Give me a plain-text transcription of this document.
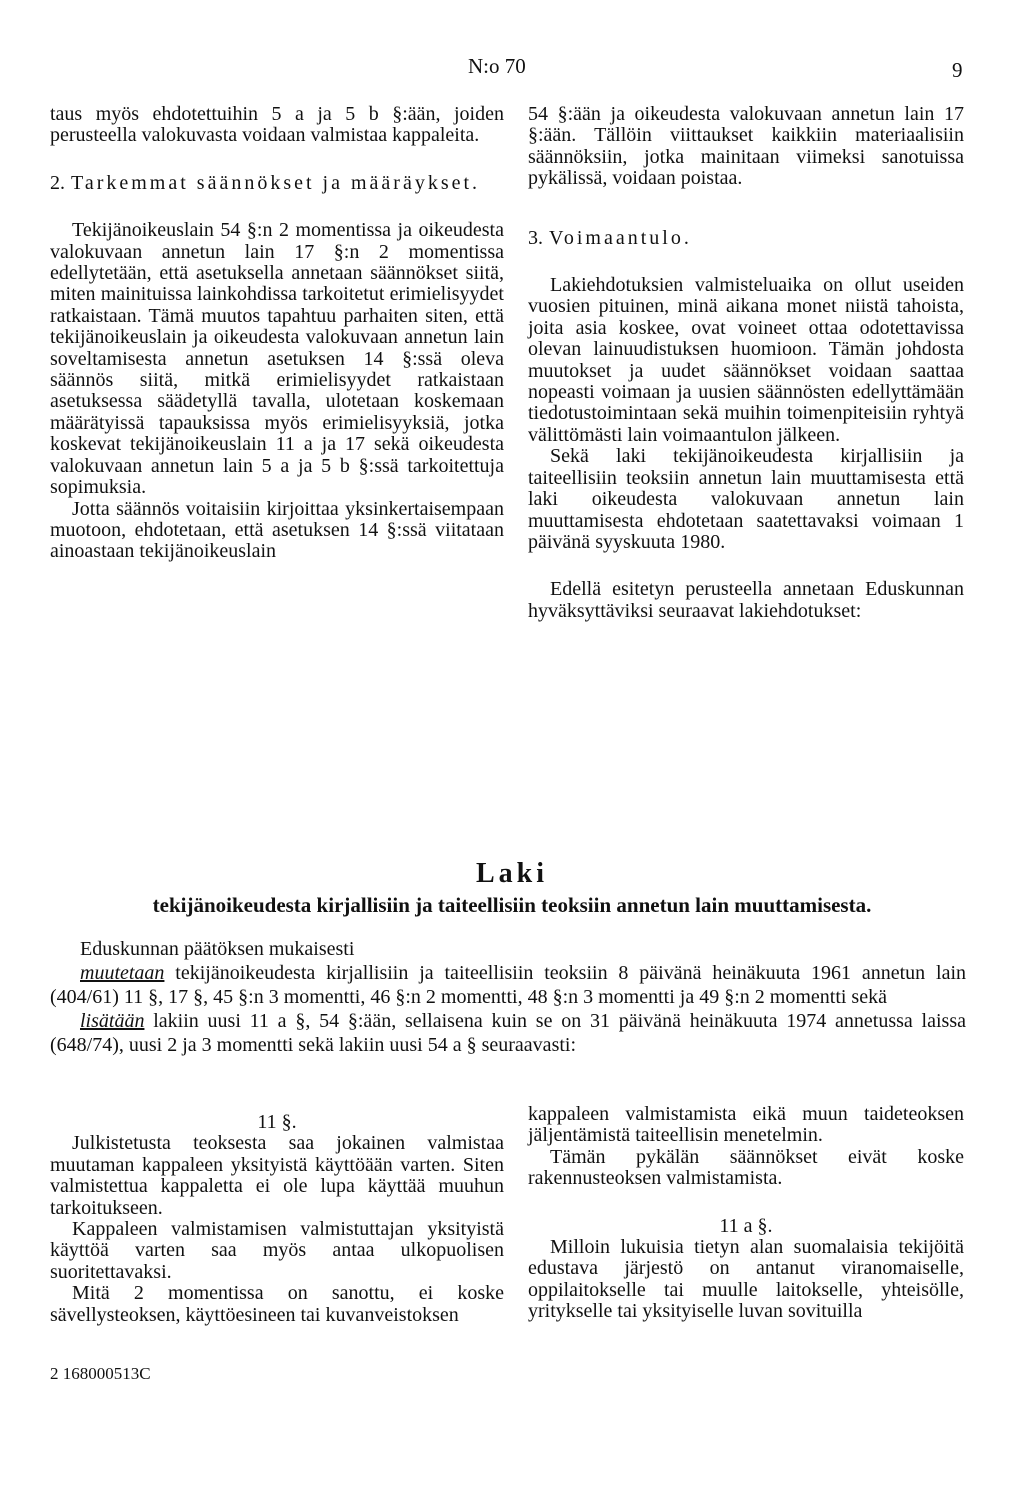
N:o 70	9

taus myös ehdotettuihin 5 a ja 5 b §:ään, joiden perusteella valokuvasta voidaan valmistaa kappaleita.

2. Tarkemmat säännökset ja määräykset.

Tekijänoikeuslain 54 §:n 2 momentissa ja oikeudesta valokuvaan annetun lain 17 §:n 2 momentissa edellytetään, että asetuksella annetaan säännökset siitä, miten mainituissa lainkohdissa tarkoitetut erimielisyydet ratkaistaan. Tämä muutos tapahtuu parhaiten siten, että tekijänoikeuslain ja oikeudesta valokuvaan annetun lain soveltamisesta annetun asetuksen 14 §:ssä oleva säännös siitä, mitkä erimielisyydet ratkaistaan asetuksessa säädetyllä tavalla, ulotetaan koskemaan määrätyissä tapauksissa myös erimielisyyksiä, jotka koskevat tekijänoikeuslain 11 a ja 17 sekä oikeudesta valokuvaan annetun lain 5 a ja 5 b §:ssä tarkoitettuja sopimuksia.

Jotta säännös voitaisiin kirjoittaa yksinkertaisempaan muotoon, ehdotetaan, että asetuksen 14 §:ssä viitataan ainoastaan tekijänoikeuslain

54 §:ään ja oikeudesta valokuvaan annetun lain 17 §:ään. Tällöin viittaukset kaikkiin materiaalisiin säännöksiin, jotka mainitaan viimeksi sanotuissa pykälissä, voidaan poistaa.

3. Voimaantulo.

Lakiehdotuksien valmisteluaika on ollut useiden vuosien pituinen, minä aikana monet niistä tahoista, joita asia koskee, ovat voineet ottaa odotettavissa olevan lainuudistuksen huomioon. Tämän johdosta muutokset ja uudet säännökset voidaan saattaa nopeasti voimaan ja uusien säännösten edellyttämään tiedotustoimintaan sekä muihin toimenpiteisiin ryhtyä välittömästi lain voimaantulon jälkeen.

Sekä laki tekijänoikeudesta kirjallisiin ja taiteellisiin teoksiin annetun lain muuttamisesta että laki oikeudesta valokuvaan annetun lain muuttamisesta ehdotetaan saatettavaksi voimaan 1 päivänä syyskuuta 1980.

Edellä esitetyn perusteella annetaan Eduskunnan hyväksyttäviksi seuraavat lakiehdotukset:

Laki
tekijänoikeudesta kirjallisiin ja taiteellisiin teoksiin annetun lain muuttamisesta.

Eduskunnan päätöksen mukaisesti

muutetaan tekijänoikeudesta kirjallisiin ja taiteellisiin teoksiin 8 päivänä heinäkuuta 1961 annetun lain (404/61) 11 §, 17 §, 45 §:n 3 momentti, 46 §:n 2 momentti, 48 §:n 3 momentti ja 49 §:n 2 momentti sekä

lisätään lakiin uusi 11 a §, 54 §:ään, sellaisena kuin se on 31 päivänä heinäkuuta 1974 annetussa laissa (648/74), uusi 2 ja 3 momentti sekä lakiin uusi 54 a § seuraavasti:

11 §.

Julkistetusta teoksesta saa jokainen valmistaa muutaman kappaleen yksityistä käyttöään varten. Siten valmistettua kappaletta ei ole lupa käyttää muuhun tarkoitukseen.

Kappaleen valmistamisen valmistuttajan yksityistä käyttöä varten saa myös antaa ulkopuolisen suoritettavaksi.

Mitä 2 momentissa on sanottu, ei koske sävellysteoksen, käyttöesineen tai kuvanveistoksen

kappaleen valmistamista eikä muun taideteoksen jäljentämistä taiteellisin menetelmin.

Tämän pykälän säännökset eivät koske rakennusteoksen valmistamista.

11 a §.

Milloin lukuisia tietyn alan suomalaisia tekijöitä edustava järjestö on antanut viranomaiselle, oppilaitokselle tai muulle laitokselle, yhteisölle, yritykselle tai yksityiselle luvan sovituilla

2 168000513C
